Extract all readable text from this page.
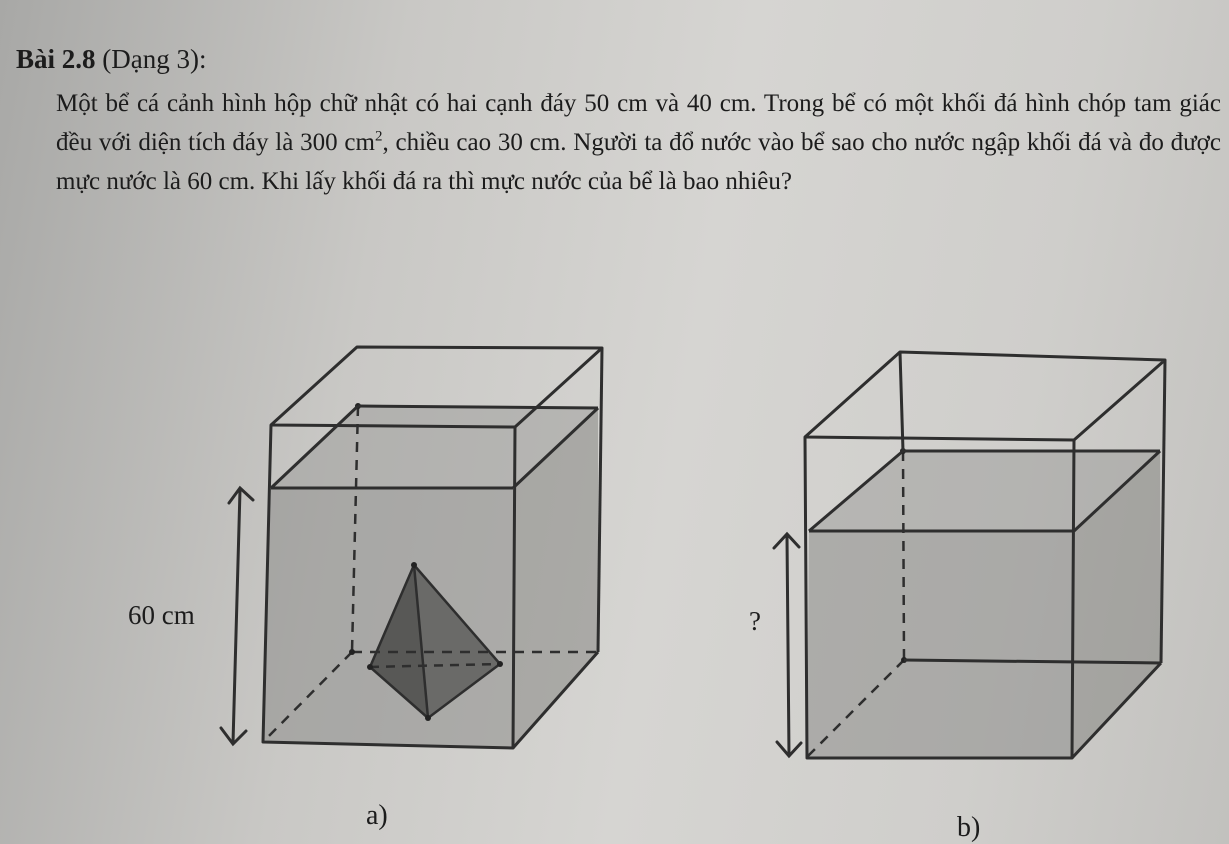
Bài 2.8 (Dạng 3):

Một bể cá cảnh hình hộp chữ nhật có hai cạnh đáy 50 cm và 40 cm. Trong bể có một khối đá hình chóp tam giác đều với diện tích đáy là 300 $cm^2$, chiều cao 30 cm. Người ta đổ nước vào bể sao cho nước ngập khối đá và đo được mực nước là 60 cm. Khi lấy khối đá ra thì mực nước của bể là bao nhiêu?

60 cm	?
a)	b)
